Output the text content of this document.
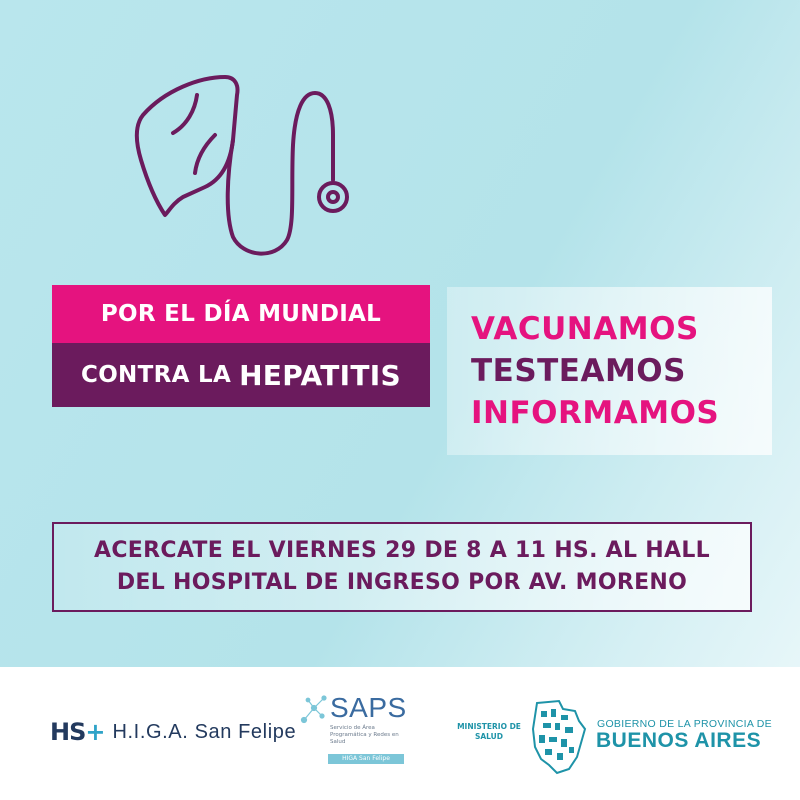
POR EL DÍA MUNDIAL
CONTRA LA HEPATITIS
VACUNAMOS
TESTEAMOS
INFORMAMOS
ACERCATE EL VIERNES 29 DE 8 A 11 HS. AL HALL
DEL HOSPITAL DE INGRESO POR AV. MORENO
HS+ H.I.G.A. San Felipe
SAPS
Servicio de Área Programática y Redes en Salud
HIGA San Felipe
MINISTERIO DE
SALUD
GOBIERNO DE LA PROVINCIA DE
BUENOS AIRES
